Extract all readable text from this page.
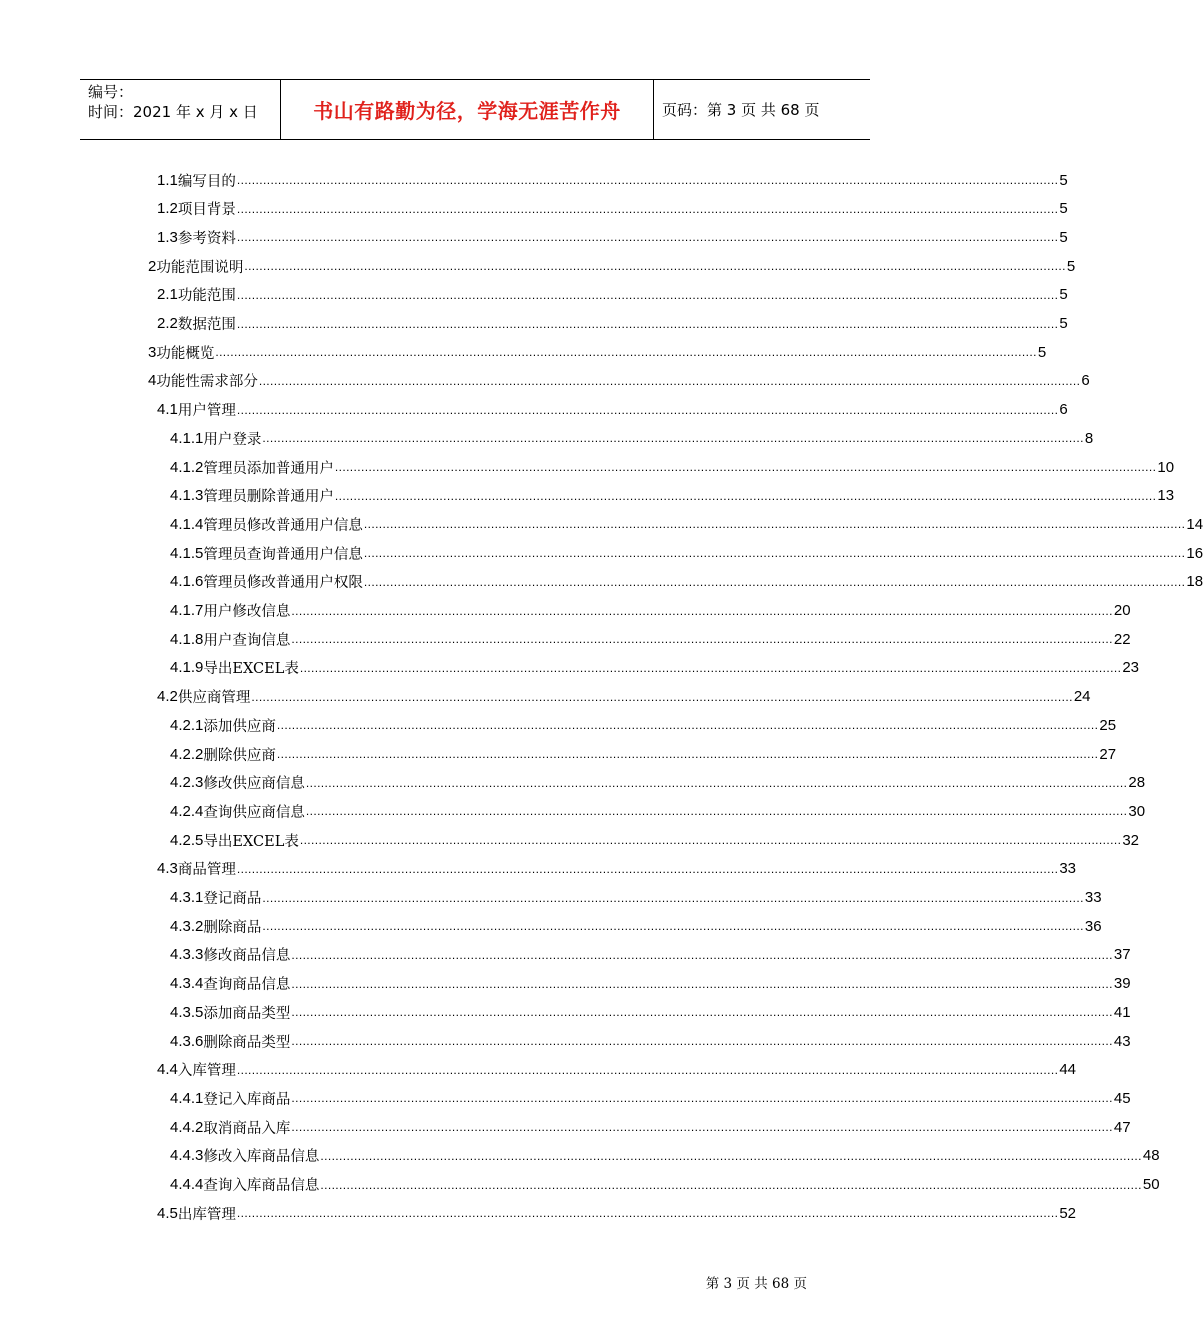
编号：
时间：2021 年 x 月 x 日	书山有路勤为径，学海无涯苦作舟	页码：第 3 页 共 68 页
1.1 编写目的 ............................................................................................................................................................................................................................ 5
1.2 项目背景 ............................................................................................................................................................................................................................ 5
1.3 参考资料 ............................................................................................................................................................................................................................ 5
2 功能范围说明 ............................................................................................................................................................................................................................ 5
2.1 功能范围 ............................................................................................................................................................................................................................ 5
2.2 数据范围 ............................................................................................................................................................................................................................ 5
3 功能概览 ............................................................................................................................................................................................................................ 5
4 功能性需求部分 ............................................................................................................................................................................................................................ 6
4.1 用户管理 ............................................................................................................................................................................................................................ 6
4.1.1 用户登录 ............................................................................................................................................................................................................................ 8
4.1.2 管理员添加普通用户 ............................................................................................................................................................................................................................ 10
4.1.3 管理员删除普通用户 ............................................................................................................................................................................................................................ 13
4.1.4 管理员修改普通用户信息 ............................................................................................................................................................................................................................ 14
4.1.5 管理员查询普通用户信息 ............................................................................................................................................................................................................................ 16
4.1.6 管理员修改普通用户权限 ............................................................................................................................................................................................................................ 18
4.1.7 用户修改信息 ............................................................................................................................................................................................................................ 20
4.1.8 用户查询信息 ............................................................................................................................................................................................................................ 22
4.1.9 导出EXCEL表 ............................................................................................................................................................................................................................ 23
4.2 供应商管理 ............................................................................................................................................................................................................................ 24
4.2.1 添加供应商 ............................................................................................................................................................................................................................ 25
4.2.2 删除供应商 ............................................................................................................................................................................................................................ 27
4.2.3 修改供应商信息 ............................................................................................................................................................................................................................ 28
4.2.4 查询供应商信息 ............................................................................................................................................................................................................................ 30
4.2.5 导出EXCEL表 ............................................................................................................................................................................................................................ 32
4.3 商品管理 ............................................................................................................................................................................................................................ 33
4.3.1 登记商品 ............................................................................................................................................................................................................................ 33
4.3.2 删除商品 ............................................................................................................................................................................................................................ 36
4.3.3 修改商品信息 ............................................................................................................................................................................................................................ 37
4.3.4 查询商品信息 ............................................................................................................................................................................................................................ 39
4.3.5 添加商品类型 ............................................................................................................................................................................................................................ 41
4.3.6 删除商品类型 ............................................................................................................................................................................................................................ 43
4.4 入库管理 ............................................................................................................................................................................................................................ 44
4.4.1 登记入库商品 ............................................................................................................................................................................................................................ 45
4.4.2 取消商品入库 ............................................................................................................................................................................................................................ 47
4.4.3 修改入库商品信息 ............................................................................................................................................................................................................................ 48
4.4.4 查询入库商品信息 ............................................................................................................................................................................................................................ 50
4.5 出库管理 ............................................................................................................................................................................................................................ 52
第 3 页 共 68 页
